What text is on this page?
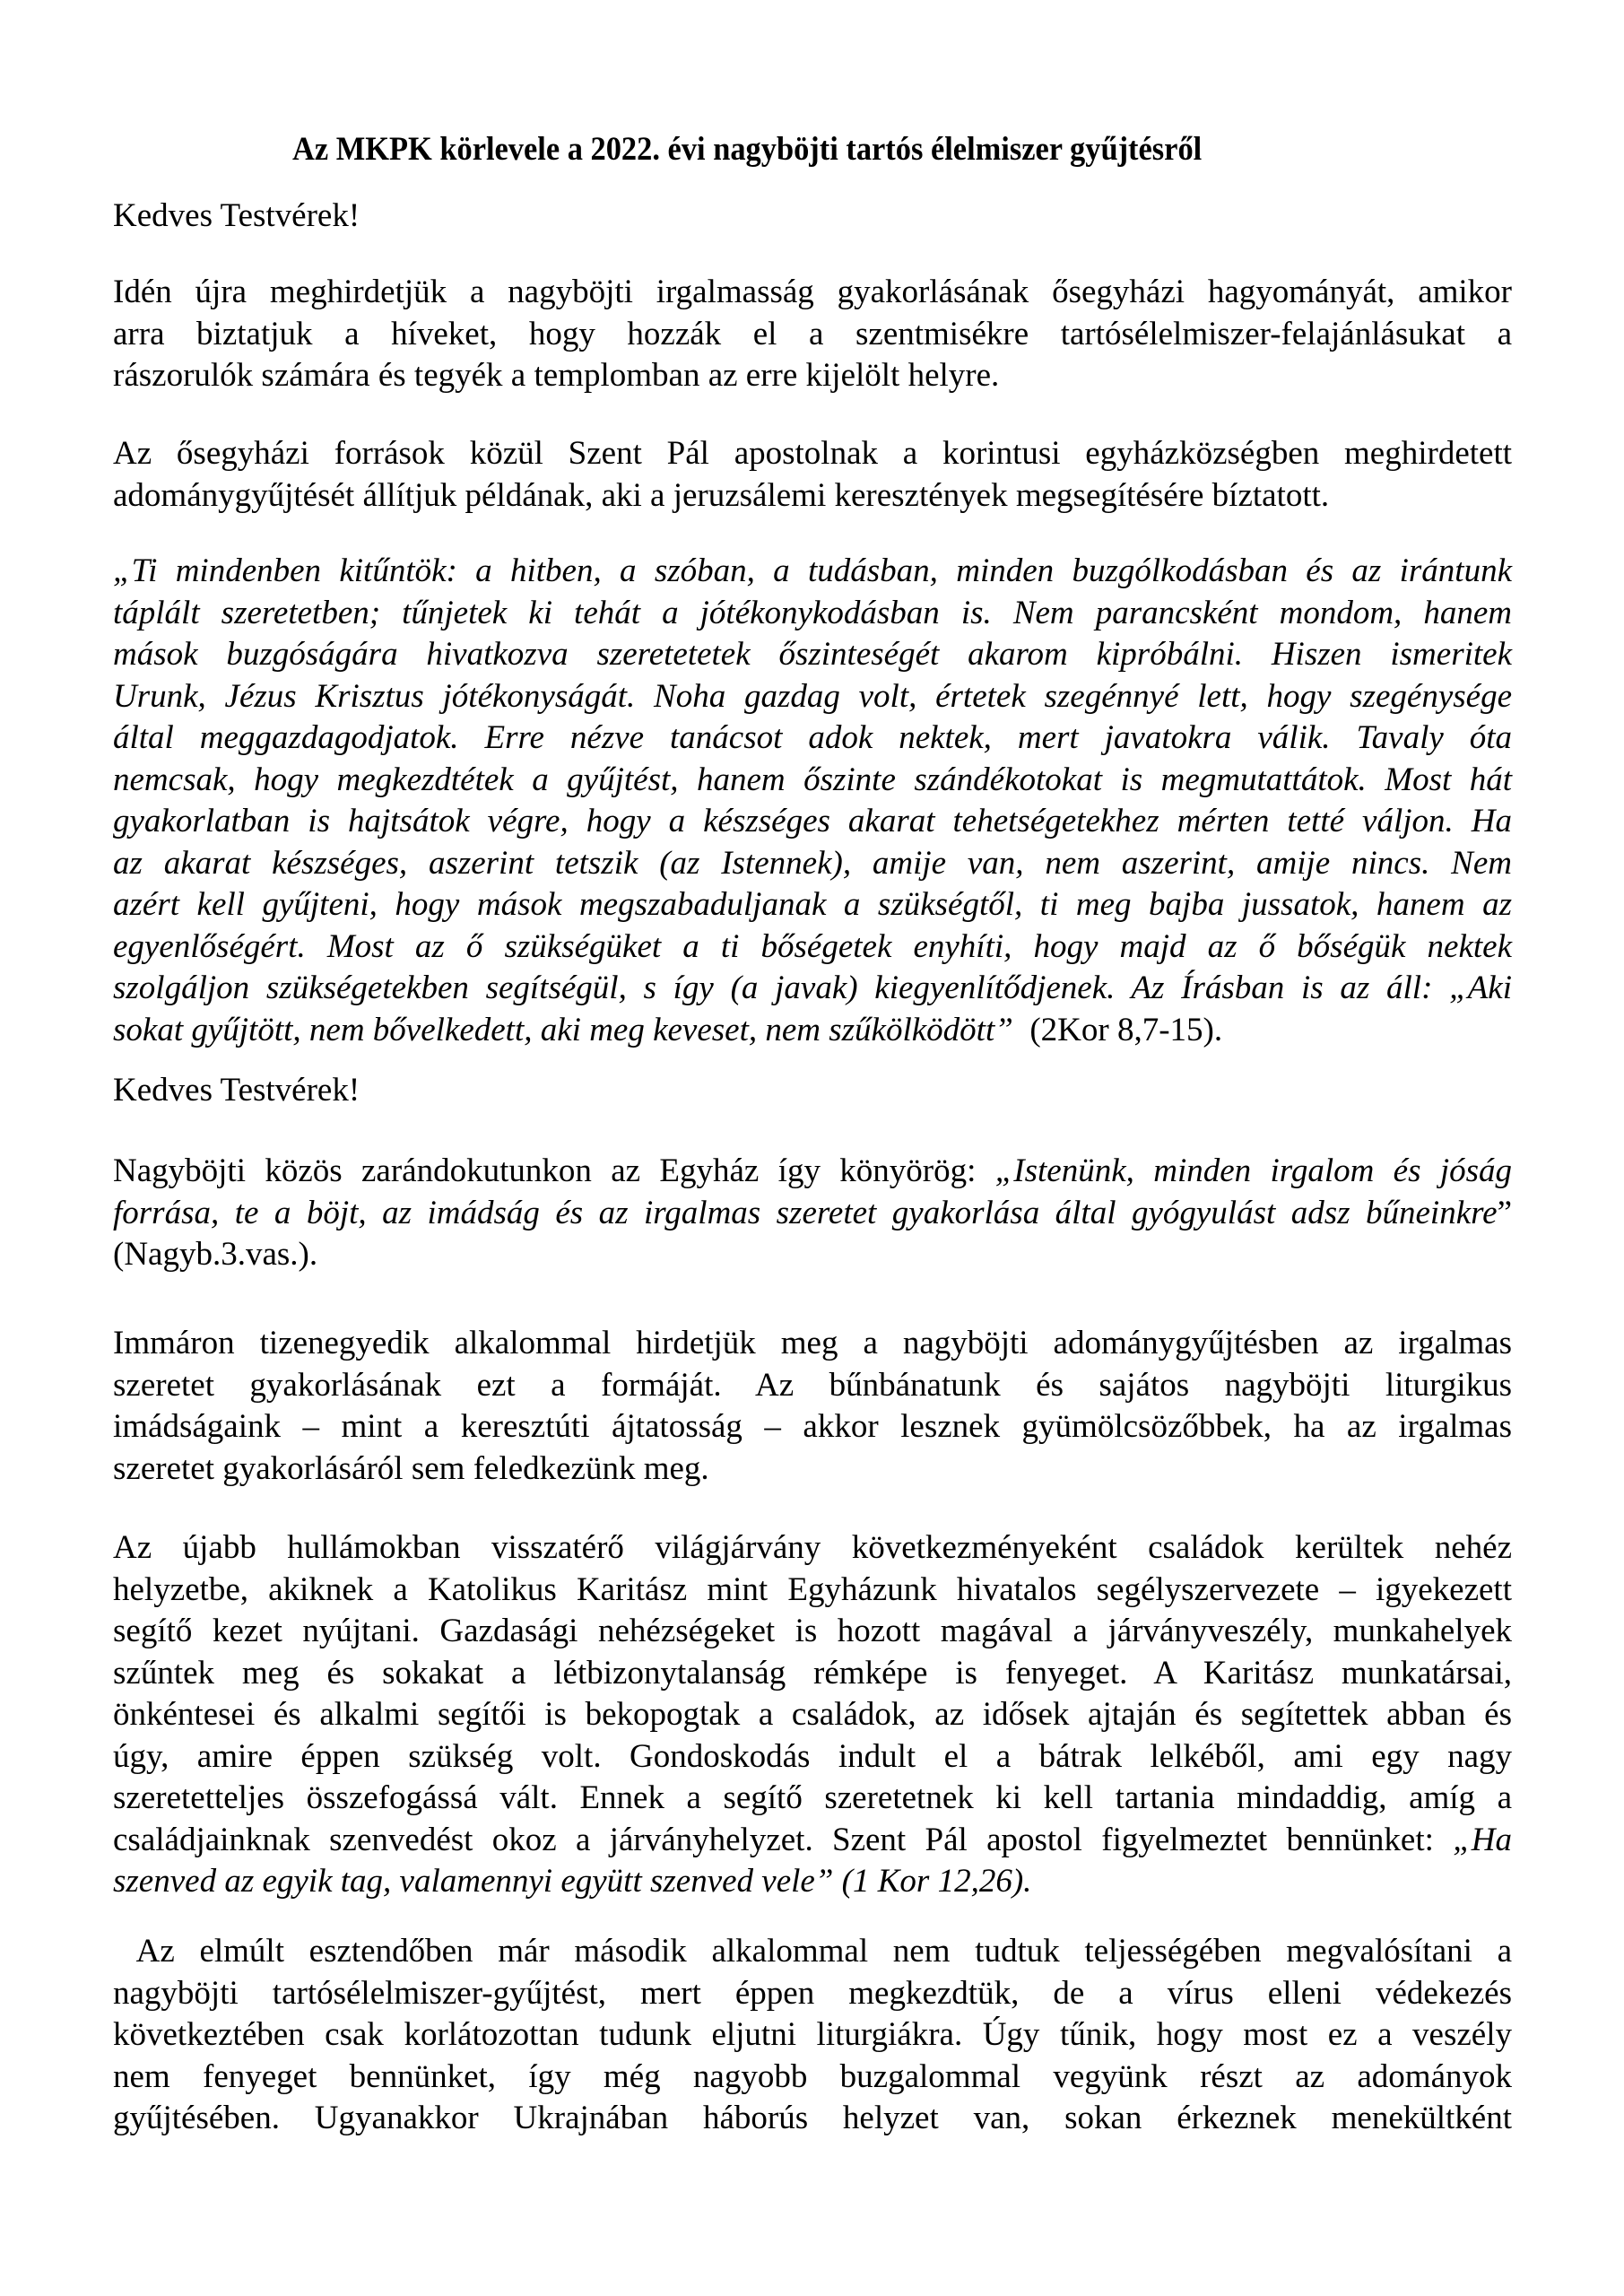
Az MKPK körlevele a 2022. évi nagyböjti tartós élelmiszer gyűjtésről
Kedves Testvérek!
Idén újra meghirdetjük a nagyböjti irgalmasság gyakorlásának ősegyházi hagyományát, amikor
arra biztatjuk a híveket, hogy hozzák el a szentmisékre tartósélelmiszer-felajánlásukat a
rászorulók számára és tegyék a templomban az erre kijelölt helyre.
Az ősegyházi források közül Szent Pál apostolnak a korintusi egyházközségben meghirdetett
adománygyűjtését állítjuk példának, aki a jeruzsálemi keresztények megsegítésére bíztatott.
„Ti mindenben kitűntök: a hitben, a szóban, a tudásban, minden buzgólkodásban és az irántunk
táplált szeretetben; tűnjetek ki tehát a jótékonykodásban is. Nem parancsként mondom, hanem
mások buzgóságára hivatkozva szeretetetek őszinteségét akarom kipróbálni. Hiszen ismeritek
Urunk, Jézus Krisztus jótékonyságát. Noha gazdag volt, értetek szegénnyé lett, hogy szegénysége
által meggazdagodjatok. Erre nézve tanácsot adok nektek, mert javatokra válik. Tavaly óta
nemcsak, hogy megkezdtétek a gyűjtést, hanem őszinte szándékotokat is megmutattátok. Most hát
gyakorlatban is hajtsátok végre, hogy a készséges akarat tehetségetekhez mérten tetté váljon. Ha
az akarat készséges, aszerint tetszik (az Istennek), amije van, nem aszerint, amije nincs. Nem
azért kell gyűjteni, hogy mások megszabaduljanak a szükségtől, ti meg bajba jussatok, hanem az
egyenlőségért. Most az ő szükségüket a ti bőségetek enyhíti, hogy majd az ő bőségük nektek
szolgáljon szükségetekben segítségül, s így (a javak) kiegyenlítődjenek. Az Írásban is az áll: „Aki
sokat gyűjtött, nem bővelkedett, aki meg keveset, nem szűkölködött” (2Kor 8,7-15).
Kedves Testvérek!
Nagyböjti közös zarándokutunkon az Egyház így könyörög: „Istenünk, minden irgalom és jóság
forrása, te a böjt, az imádság és az irgalmas szeretet gyakorlása által gyógyulást adsz bűneinkre”
(Nagyb.3.vas.).
Immáron tizenegyedik alkalommal hirdetjük meg a nagyböjti adománygyűjtésben az irgalmas
szeretet gyakorlásának ezt a formáját. Az bűnbánatunk és sajátos nagyböjti liturgikus
imádságaink – mint a keresztúti ájtatosság – akkor lesznek gyümölcsözőbbek, ha az irgalmas
szeretet gyakorlásáról sem feledkezünk meg.
Az újabb hullámokban visszatérő világjárvány következményeként családok kerültek nehéz
helyzetbe, akiknek a Katolikus Karitász mint Egyházunk hivatalos segélyszervezete – igyekezett
segítő kezet nyújtani. Gazdasági nehézségeket is hozott magával a járványveszély, munkahelyek
szűntek meg és sokakat a létbizonytalanság rémképe is fenyeget. A Karitász munkatársai,
önkéntesei és alkalmi segítői is bekopogtak a családok, az idősek ajtaján és segítettek abban és
úgy, amire éppen szükség volt. Gondoskodás indult el a bátrak lelkéből, ami egy nagy
szeretetteljes összefogássá vált. Ennek a segítő szeretetnek ki kell tartania mindaddig, amíg a
családjainknak szenvedést okoz a járványhelyzet. Szent Pál apostol figyelmeztet bennünket: „Ha
szenved az egyik tag, valamennyi együtt szenved vele” (1 Kor 12,26).
Az elmúlt esztendőben már második alkalommal nem tudtuk teljességében megvalósítani a
nagyböjti tartósélelmiszer-gyűjtést, mert éppen megkezdtük, de a vírus elleni védekezés
következtében csak korlátozottan tudunk eljutni liturgiákra. Úgy tűnik, hogy most ez a veszély
nem fenyeget bennünket, így még nagyobb buzgalommal vegyünk részt az adományok
gyűjtésében. Ugyanakkor Ukrajnában háborús helyzet van, sokan érkeznek menekültként
